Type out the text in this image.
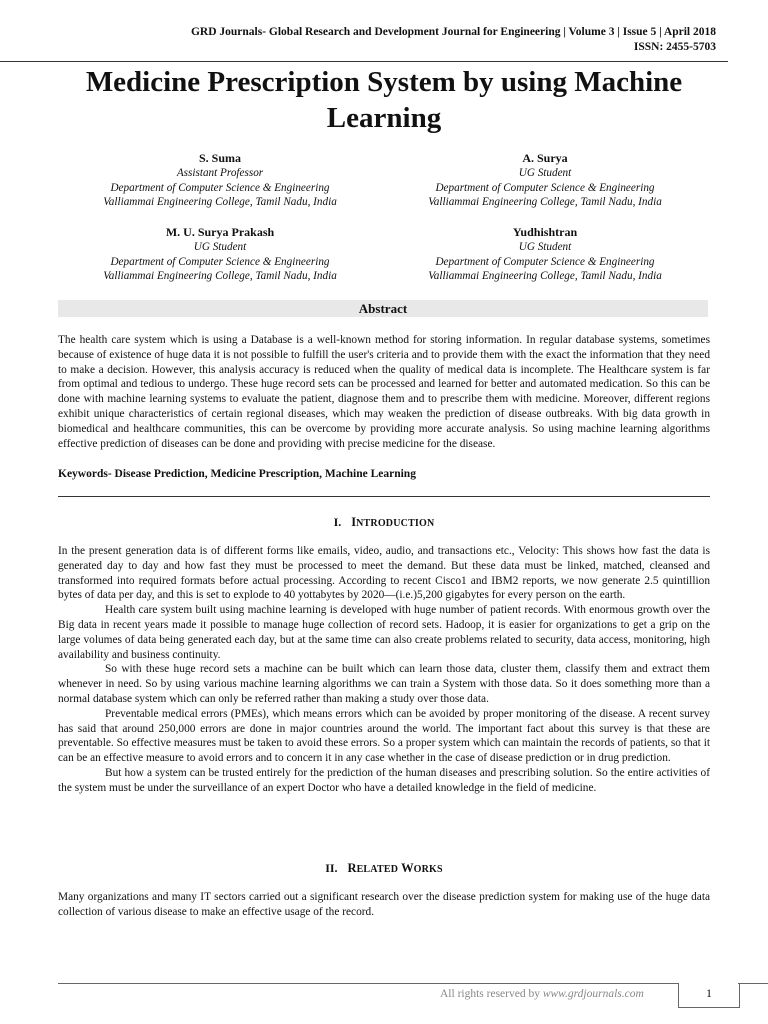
GRD Journals- Global Research and Development Journal for Engineering | Volume 3 | Issue 5 | April 2018
ISSN: 2455-5703
Medicine Prescription System by using Machine
Learning
S. Suma
Assistant Professor
Department of Computer Science & Engineering
Valliammai Engineering College, Tamil Nadu, India
A. Surya
UG Student
Department of Computer Science & Engineering
Valliammai Engineering College, Tamil Nadu, India
M. U. Surya Prakash
UG Student
Department of Computer Science & Engineering
Valliammai Engineering College, Tamil Nadu, India
Yudhishtran
UG Student
Department of Computer Science & Engineering
Valliammai Engineering College, Tamil Nadu, India
Abstract

The health care system which is using a Database is a well-known method for storing information. In regular database systems, sometimes because of existence of huge data it is not possible to fulfill the user's criteria and to provide them with the exact the information that they need to make a decision. However, this analysis accuracy is reduced when the quality of medical data is incomplete. The Healthcare system is far from optimal and tedious to undergo. These huge record sets can be processed and learned for better and automated medication. So this can be done with machine learning systems to evaluate the patient, diagnose them and to prescribe them with medicine. Moreover, different regions exhibit unique characteristics of certain regional diseases, which may weaken the prediction of disease outbreaks. With big data growth in biomedical and healthcare communities, this can be overcome by providing more accurate analysis. So using machine learning algorithms effective prediction of diseases can be done and providing with precise medicine for the disease.

Keywords- Disease Prediction, Medicine Prescription, Machine Learning
I. INTRODUCTION

In the present generation data is of different forms like emails, video, audio, and transactions etc., Velocity: This shows how fast the data is generated day to day and how fast they must be processed to meet the demand. But these data must be linked, matched, cleansed and transformed into required formats before actual processing. According to recent Cisco1 and IBM2 reports, we now generate 2.5 quintillion bytes of data per day, and this is set to explode to 40 yottabytes by 2020―(i.e.)5,200 gigabytes for every person on the earth.

Health care system built using machine learning is developed with huge number of patient records. With enormous growth over the Big data in recent years made it possible to manage huge collection of record sets. Hadoop, it is easier for organizations to get a grip on the large volumes of data being generated each day, but at the same time can also create problems related to security, data access, monitoring, high availability and business continuity.

So with these huge record sets a machine can be built which can learn those data, cluster them, classify them and extract them whenever in need. So by using various machine learning algorithms we can train a System with those data. So it does something more than a normal database system which can only be referred rather than making a study over those data.

Preventable medical errors (PMEs), which means errors which can be avoided by proper monitoring of the disease. A recent survey has said that around 250,000 errors are done in major countries around the world. The important fact about this survey is that these are preventable. So effective measures must be taken to avoid these errors. So a proper system which can maintain the records of patients, so that it can be an effective measure to avoid errors and to concern it in any case whether in the case of disease prediction or in drug prediction.

But how a system can be trusted entirely for the prediction of the human diseases and prescribing solution. So the entire activities of the system must be under the surveillance of an expert Doctor who have a detailed knowledge in the field of medicine.

II. RELATED WORKS

Many organizations and many IT sectors carried out a significant research over the disease prediction system for making use of the huge data collection of various disease to make an effective usage of the record.

All rights reserved by www.grdjournals.com	1
